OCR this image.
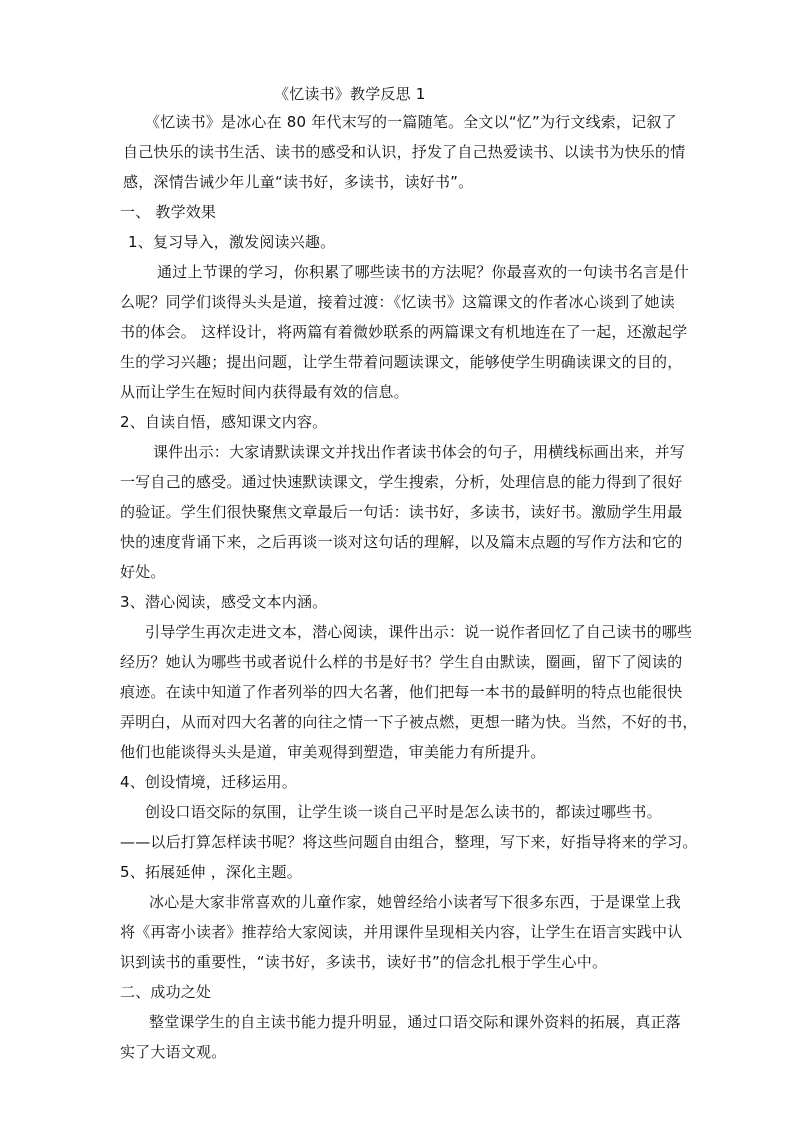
《忆读书》教学反思 1
《忆读书》是冰心在 80 年代末写的一篇随笔。全文以“忆”为行文线索，记叙了
自己快乐的读书生活、读书的感受和认识，抒发了自己热爱读书、以读书为快乐的情
感，深情告诫少年儿童“读书好，多读书，读好书”。
一、 教学效果
1、复习导入，激发阅读兴趣。
通过上节课的学习，你积累了哪些读书的方法呢？你最喜欢的一句读书名言是什
么呢？同学们谈得头头是道，接着过渡：《忆读书》这篇课文的作者冰心谈到了她读
书的体会。 这样设计，将两篇有着微妙联系的两篇课文有机地连在了一起，还激起学
生的学习兴趣；提出问题，让学生带着问题读课文，能够使学生明确读课文的目的，
从而让学生在短时间内获得最有效的信息。
2、自读自悟，感知课文内容。
课件出示：大家请默读课文并找出作者读书体会的句子，用横线标画出来，并写
一写自己的感受。通过快速默读课文，学生搜索，分析，处理信息的能力得到了很好
的验证。学生们很快聚焦文章最后一句话：读书好，多读书，读好书。激励学生用最
快的速度背诵下来，之后再谈一谈对这句话的理解，以及篇末点题的写作方法和它的
好处。
3、潜心阅读，感受文本内涵。
引导学生再次走进文本，潜心阅读，课件出示：说一说作者回忆了自己读书的哪些
经历？她认为哪些书或者说什么样的书是好书？学生自由默读，圈画，留下了阅读的
痕迹。在读中知道了作者列举的四大名著，他们把每一本书的最鲜明的特点也能很快
弄明白，从而对四大名著的向往之情一下子被点燃，更想一睹为快。当然，不好的书，
他们也能谈得头头是道，审美观得到塑造，审美能力有所提升。
4、创设情境，迁移运用。
创设口语交际的氛围，让学生谈一谈自己平时是怎么读书的，都读过哪些书。
——以后打算怎样读书呢？将这些问题自由组合，整理，写下来，好指导将来的学习。
5、拓展延伸 ，深化主题。
冰心是大家非常喜欢的儿童作家，她曾经给小读者写下很多东西，于是课堂上我
将《再寄小读者》推荐给大家阅读，并用课件呈现相关内容，让学生在语言实践中认
识到读书的重要性，“读书好，多读书，读好书”的信念扎根于学生心中。
二、成功之处
整堂课学生的自主读书能力提升明显，通过口语交际和课外资料的拓展，真正落
实了大语文观。
